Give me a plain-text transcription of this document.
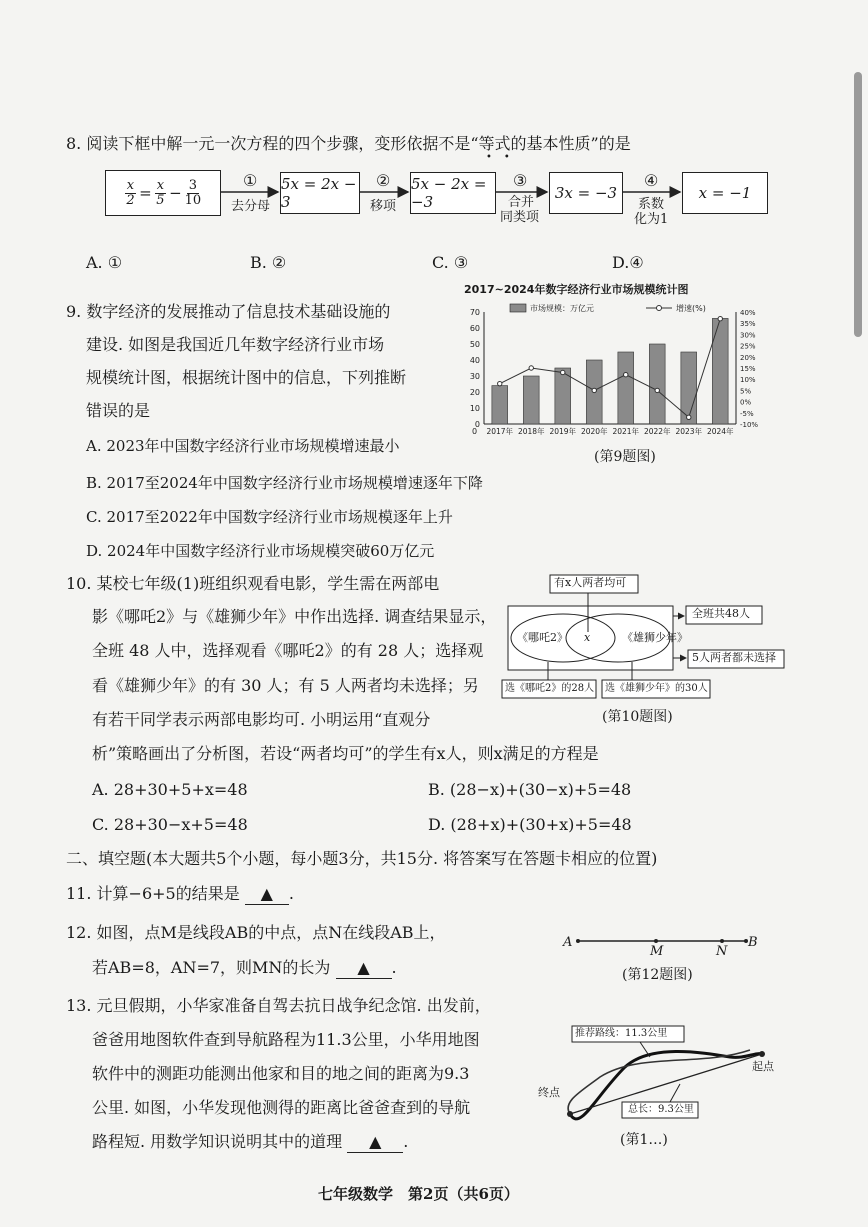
8. 阅读下框中解一元一次方程的四个步骤，变形依据不是“等式的基本性质”的是
••
$\frac{x}{2} = \frac{x}{5} - \frac{3}{10}$	5x = 2x − 3
5x − 2x = −3	3x = −3	x = −1
①
去分母
②
移项
③
合并
同类项
④
系数
化为1
A. ①	B. ②	C. ③	D.④
9. 数字经济的发展推动了信息技术基础设施的
建设. 如图是我国近几年数字经济行业市场
规模统计图，根据统计图中的信息，下列推断
错误的是
A. 2023年中国数字经济行业市场规模增速最小
B. 2017至2024年中国数字经济行业市场规模增速逐年下降
C. 2017至2022年中国数字经济行业市场规模逐年上升
D. 2024年中国数字经济行业市场规模突破60万亿元
2017~2024年数字经济行业市场规模统计图
0
10
20
30
40
50
60
70
-10%
-5%
0%
5%
10%
15%
20%
25%
30%
35%
40%
市场规模：万亿元	增速(%)
2017年 2018年 2019年 2020年 2021年 2022年 2023年 2024年
0
(第9题图)
10. 某校七年级(1)班组织观看电影，学生需在两部电
影《哪吒2》与《雄狮少年》中作出选择. 调查结果显示，
全班 48 人中，选择观看《哪吒2》的有 28 人；选择观
看《雄狮少年》的有 30 人；有 5 人两者均未选择；另
有若干同学表示两部电影均可. 小明运用“直观分
析”策略画出了分析图，若设“两者均可”的学生有x人，则x满足的方程是
A. 28+30+5+x=48	B. (28−x)+(30−x)+5=48
C. 28+30−x+5=48	D. (28+x)+(30+x)+5=48
有x人两者均可
全班共48人
5人两者都未选择
《哪吒2》 x	《雄狮少年》
选《哪吒2》的28人 选《雄狮少年》的30人
(第10题图)
二、填空题(本大题共5个小题，每小题3分，共15分. 将答案写在答题卡相应的位置)
11. 计算−6+5的结果是 ▲ .
12. 如图，点M是线段AB的中点，点N在线段AB上，
若AB=8，AN=7，则MN的长为 ▲ .
A
M	N
B
(第12题图)
13. 元旦假期，小华家准备自驾去抗日战争纪念馆. 出发前，
爸爸用地图软件查到导航路程为11.3公里，小华用地图
软件中的测距功能测出他家和目的地之间的距离为9.3
公里. 如图，小华发现他测得的距离比爸爸查到的导航
路程短. 用数学知识说明其中的道理 ▲ .
推荐路线：11.3公里
总长：9.3公里
起点
终点
(第1…)
七年级数学　第2页（共6页）
